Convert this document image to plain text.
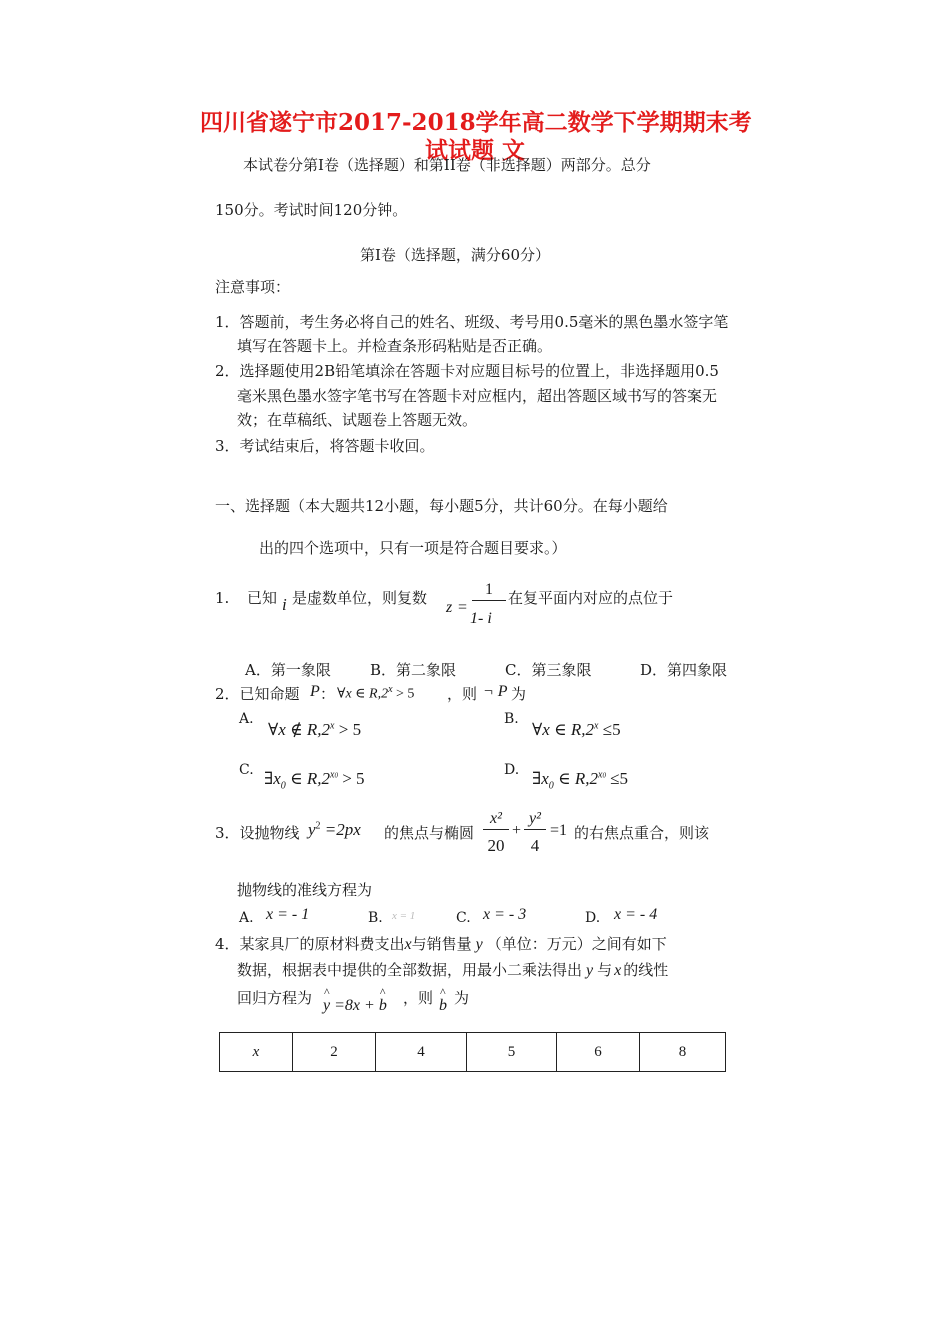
四川省遂宁市2017-2018学年高二数学下学期期末考
试试题 文
本试卷分第Ⅰ卷（选择题）和第II卷（非选择题）两部分。总分
150分。考试时间120分钟。
第Ⅰ卷（选择题，满分60分）
注意事项：
1．答题前，考生务必将自己的姓名、班级、考号用0.5毫米的黑色墨水签字笔
填写在答题卡上。并检查条形码粘贴是否正确。
2．选择题使用2B铅笔填涂在答题卡对应题目标号的位置上，非选择题用0.5
毫米黑色墨水签字笔书写在答题卡对应框内，超出答题区域书写的答案无
效；在草稿纸、试题卷上答题无效。
3．考试结束后，将答题卡收回。
一、选择题（本大题共12小题，每小题5分，共计60分。在每小题给
出的四个选项中，只有一项是符合题目要求。）
1. 已知 i 是虚数单位，则复数
z =
1
1- i
在复平面内对应的点位于
A．第一象限	B．第二象限	C．第三象限	D．第四象限
2．已知命题 P ： ∀x ∈ $R,2^x > 5$ ，则 ¬ P 为
A.
∀x ∉ $R,2^x > 5$
B.
∀x ∈ $R,2^x \le 5$
C. $\exists x_0$ ∈ $R,2^{x0} > 5$	D. $\exists x_0$ ∈ $R,2^{x0} \le 5$
3．设抛物线 $y^2 =2px$ 的焦点与椭圆
x²
20
+
y²
4
=1 的右焦点重合，则该
抛物线的准线方程为
A. x = - 1	B. x = 1	C. x = - 3	D. x = - 4
4．某家具厂的原材料费支出x与销售量 y （单位：万元）之间有如下
数据，根据表中提供的全部数据，用最小二乘法得出 y 与 x 的线性
回归方程为 ^ y =8x + ^ b ，则 ^ b 为
x	2	4	5	6	8
